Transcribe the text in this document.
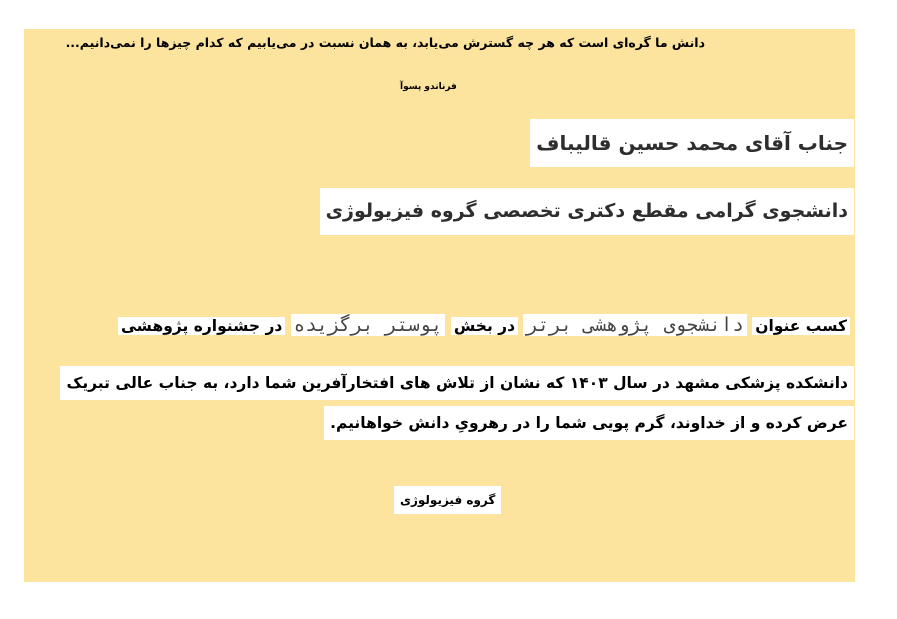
دانش ما گره‌ای است که هر چه گسترش می‌یابد، به همان نسبت در می‌یابیم که کدام چیزها را نمی‌دانیم...
فرناندو پسوآ
جناب آقای محمد حسین قالیباف
دانشجوی گرامی مقطع دکتری تخصصی گروه فیزیولوژی
کسب عنوان دانشجوی پژوهشی برتر در بخش پوستر برگزیده در جشنواره پژوهشی
دانشکده پزشکی مشهد در سال ۱۴۰۳ که نشان از تلاش های افتخارآفرین شما دارد، به جناب عالی تبریک
عرض کرده و از خداوند، گرم پویی شما را در رهرویِ دانش خواهانیم.
گروه فیزیولوژی
